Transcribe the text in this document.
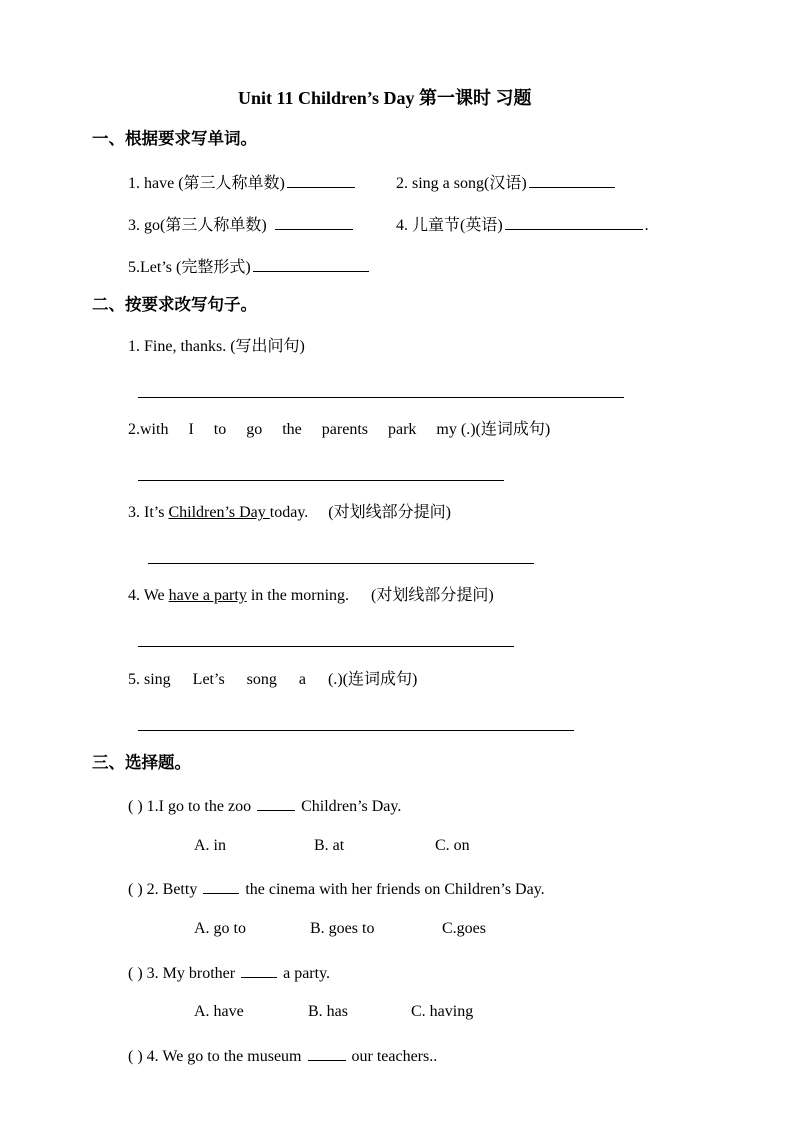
Unit 11 Children’s Day 第一课时 习题
一、根据要求写单词。
1. have (第三人称单数)	2. sing a song(汉语)
3. go(第三人称单数)	4. 儿童节(英语)	.
5.Let’s (完整形式)
二、按要求改写句子。
1. Fine, thanks. (写出问句)
2.with I to go the parents park my (.)(连词成句)
3. It’s Children’s Day today. (对划线部分提问)
4. We have a party in the morning. (对划线部分提问)
5. sing Let’s song a (.)(连词成句)
三、选择题。
( ) 1.I go to the zoo	Children’s Day.
A. in	B. at	C. on
( ) 2. Betty	the cinema with her friends on Children’s Day.
A. go to	B. goes to	C.goes
( ) 3. My brother	a party.
A. have	B. has	C. having
( ) 4. We go to the museum	our teachers..
